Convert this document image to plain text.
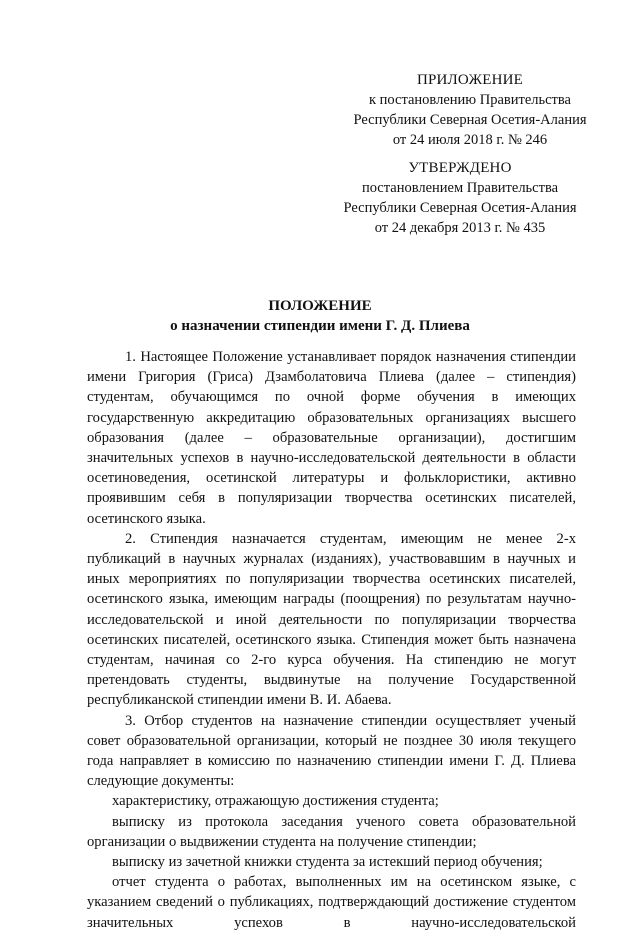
ПРИЛОЖЕНИЕ
к постановлению Правительства
Республики Северная Осетия-Алания
от 24 июля 2018 г. № 246
УТВЕРЖДЕНО
постановлением Правительства
Республики Северная Осетия-Алания
от 24 декабря 2013 г. № 435
ПОЛОЖЕНИЕ
о назначении стипендии имени Г. Д. Плиева

1. Настоящее Положение устанавливает порядок назначения стипендии имени Григория (Гриса) Дзамболатовича Плиева (далее – стипендия) студентам, обучающимся по очной форме обучения в имеющих государственную аккредитацию образовательных организациях высшего образования (далее – образовательные организации), достигшим значительных успехов в научно-исследовательской деятельности в области осетиноведения, осетинской литературы и фольклористики, активно проявившим себя в популяризации творчества осетинских писателей, осетинского языка.

2. Стипендия назначается студентам, имеющим не менее 2-х публикаций в научных журналах (изданиях), участвовавшим в научных и иных мероприятиях по популяризации творчества осетинских писателей, осетинского языка, имеющим награды (поощрения) по результатам научно-исследовательской и иной деятельности по популяризации творчества осетинских писателей, осетинского языка. Стипендия может быть назначена студентам, начиная со 2-го курса обучения. На стипендию не могут претендовать студенты, выдвинутые на получение Государственной республиканской стипендии имени В. И. Абаева.

3. Отбор студентов на назначение стипендии осуществляет ученый совет образовательной организации, который не позднее 30 июля текущего года направляет в комиссию по назначению стипендии имени Г. Д. Плиева следующие документы:

характеристику, отражающую достижения студента;

выписку из протокола заседания ученого совета образовательной организации о выдвижении студента на получение стипендии;

выписку из зачетной книжки студента за истекший период обучения;

отчет студента о работах, выполненных им на осетинском языке, с указанием сведений о публикациях, подтверждающий достижение студентом значительных успехов в научно-исследовательской
